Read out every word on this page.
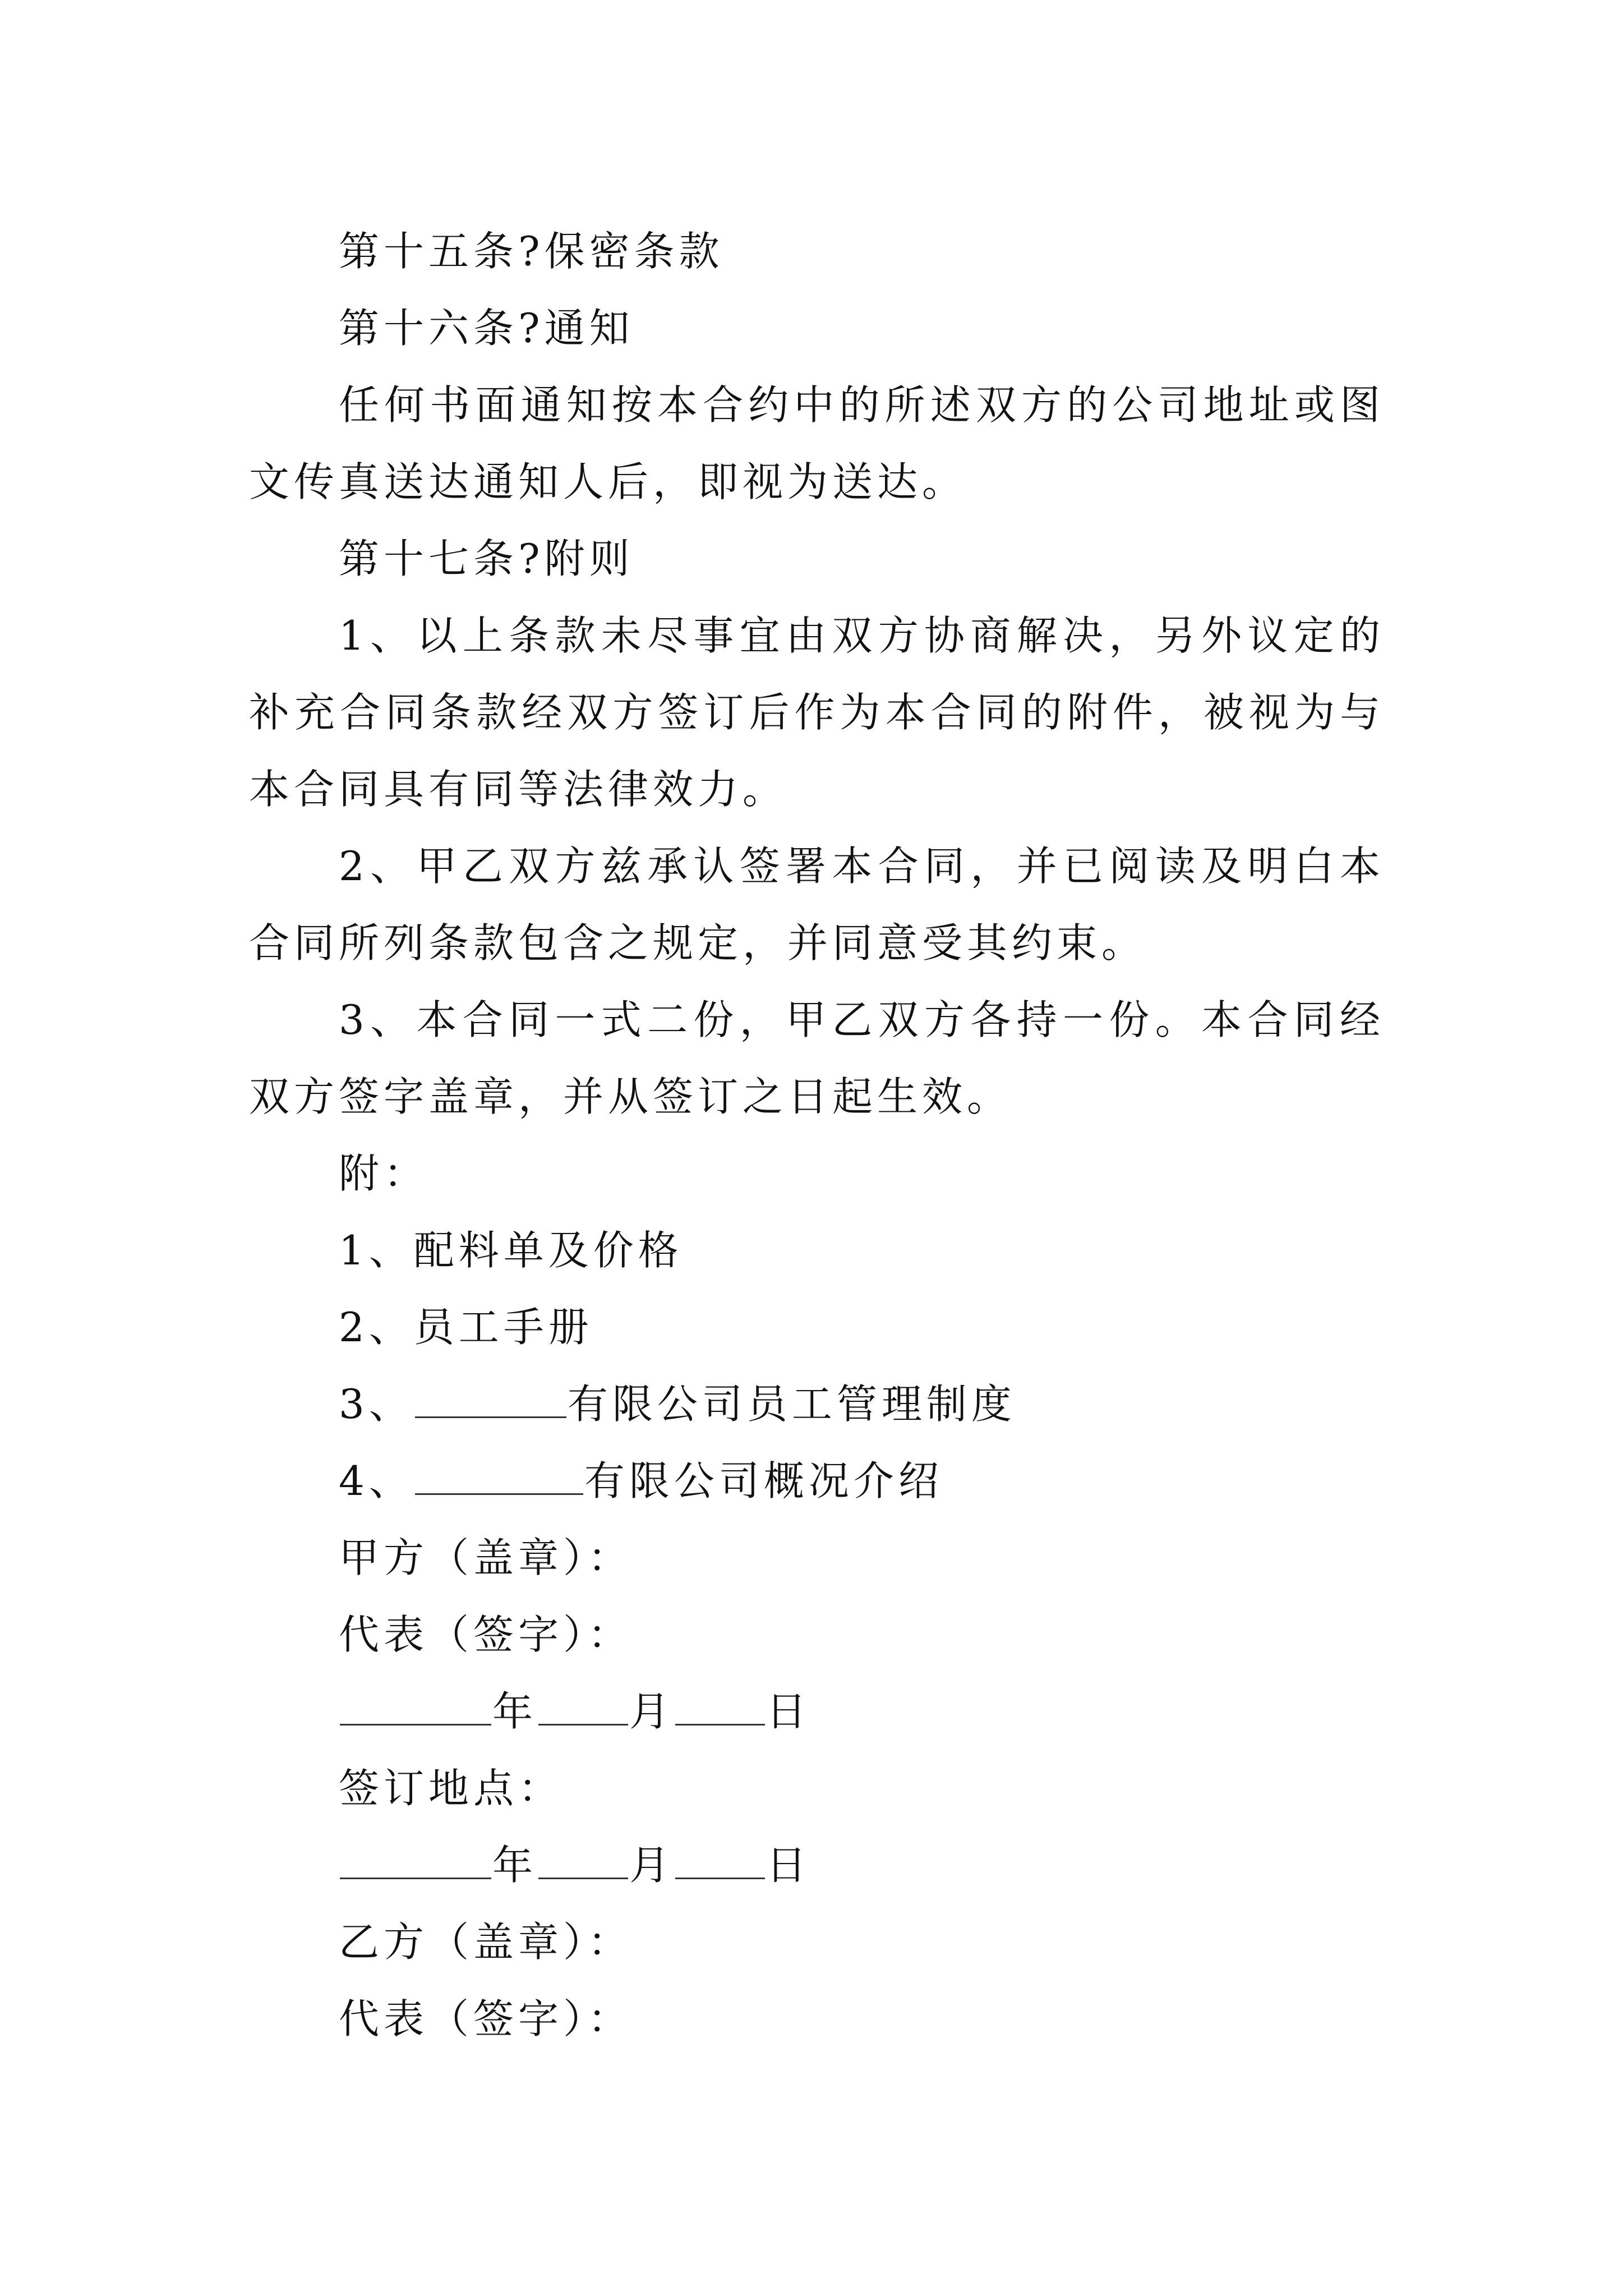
第十五条?保密条款

第十六条?通知

任何书面通知按本合约中的所述双方的公司地址或图文传真送达通知人后，即视为送达。

第十七条?附则

1、以上条款未尽事宜由双方协商解决，另外议定的补充合同条款经双方签订后作为本合同的附件，被视为与本合同具有同等法律效力。

2、甲乙双方兹承认签署本合同，并已阅读及明白本合同所列条款包含之规定，并同意受其约束。

3、本合同一式二份，甲乙双方各持一份。本合同经双方签字盖章，并从签订之日起生效。

附：

1、配料单及价格

2、员工手册

3、	有限公司员工管理制度

4、	有限公司概况介绍

甲方（盖章）：

代表（签字）：

年 月 日

签订地点：

年 月 日

乙方（盖章）：

代表（签字）：
